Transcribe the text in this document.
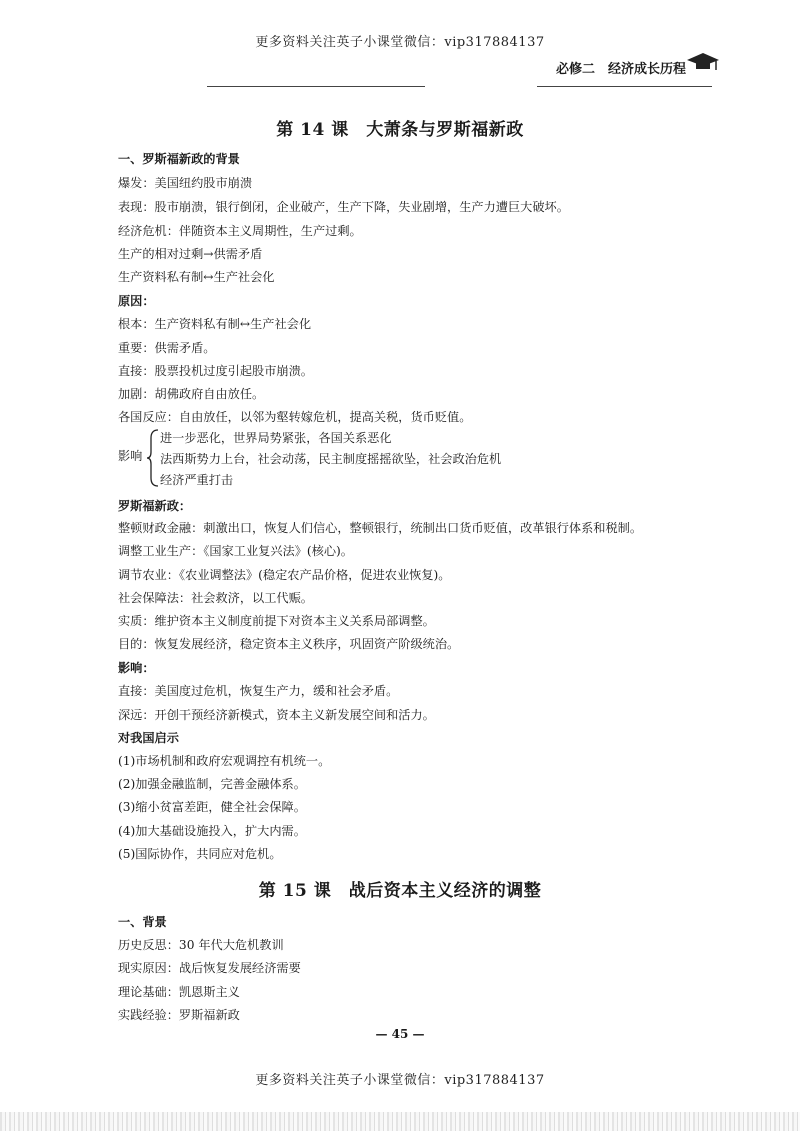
更多资料关注英子小课堂微信：vip317884137
必修二　经济成长历程
第 14 课　大萧条与罗斯福新政
一、罗斯福新政的背景
爆发：美国纽约股市崩溃
表现：股市崩溃，银行倒闭，企业破产，生产下降，失业剧增，生产力遭巨大破坏。
经济危机：伴随资本主义周期性，生产过剩。
生产的相对过剩→供需矛盾
生产资料私有制↔生产社会化
原因：
根本：生产资料私有制↔生产社会化
重要：供需矛盾。
直接：股票投机过度引起股市崩溃。
加剧：胡佛政府自由放任。
各国反应：自由放任，以邻为壑转嫁危机，提高关税，货币贬值。
影响
进一步恶化，世界局势紧张，各国关系恶化
法西斯势力上台，社会动荡，民主制度摇摇欲坠，社会政治危机
经济严重打击
罗斯福新政：
整顿财政金融：刺激出口，恢复人们信心，整顿银行，统制出口货币贬值，改革银行体系和税制。
调整工业生产：《国家工业复兴法》(核心)。
调节农业：《农业调整法》(稳定农产品价格，促进农业恢复)。
社会保障法：社会救济，以工代赈。
实质：维护资本主义制度前提下对资本主义关系局部调整。
目的：恢复发展经济，稳定资本主义秩序，巩固资产阶级统治。
影响：
直接：美国度过危机，恢复生产力，缓和社会矛盾。
深远：开创干预经济新模式，资本主义新发展空间和活力。
对我国启示
(1)市场机制和政府宏观调控有机统一。
(2)加强金融监制，完善金融体系。
(3)缩小贫富差距，健全社会保障。
(4)加大基础设施投入，扩大内需。
(5)国际协作，共同应对危机。
第 15 课　战后资本主义经济的调整
一、背景
历史反思：30 年代大危机教训
现实原因：战后恢复发展经济需要
理论基础：凯恩斯主义
实践经验：罗斯福新政
— 45 —
更多资料关注英子小课堂微信：vip317884137
